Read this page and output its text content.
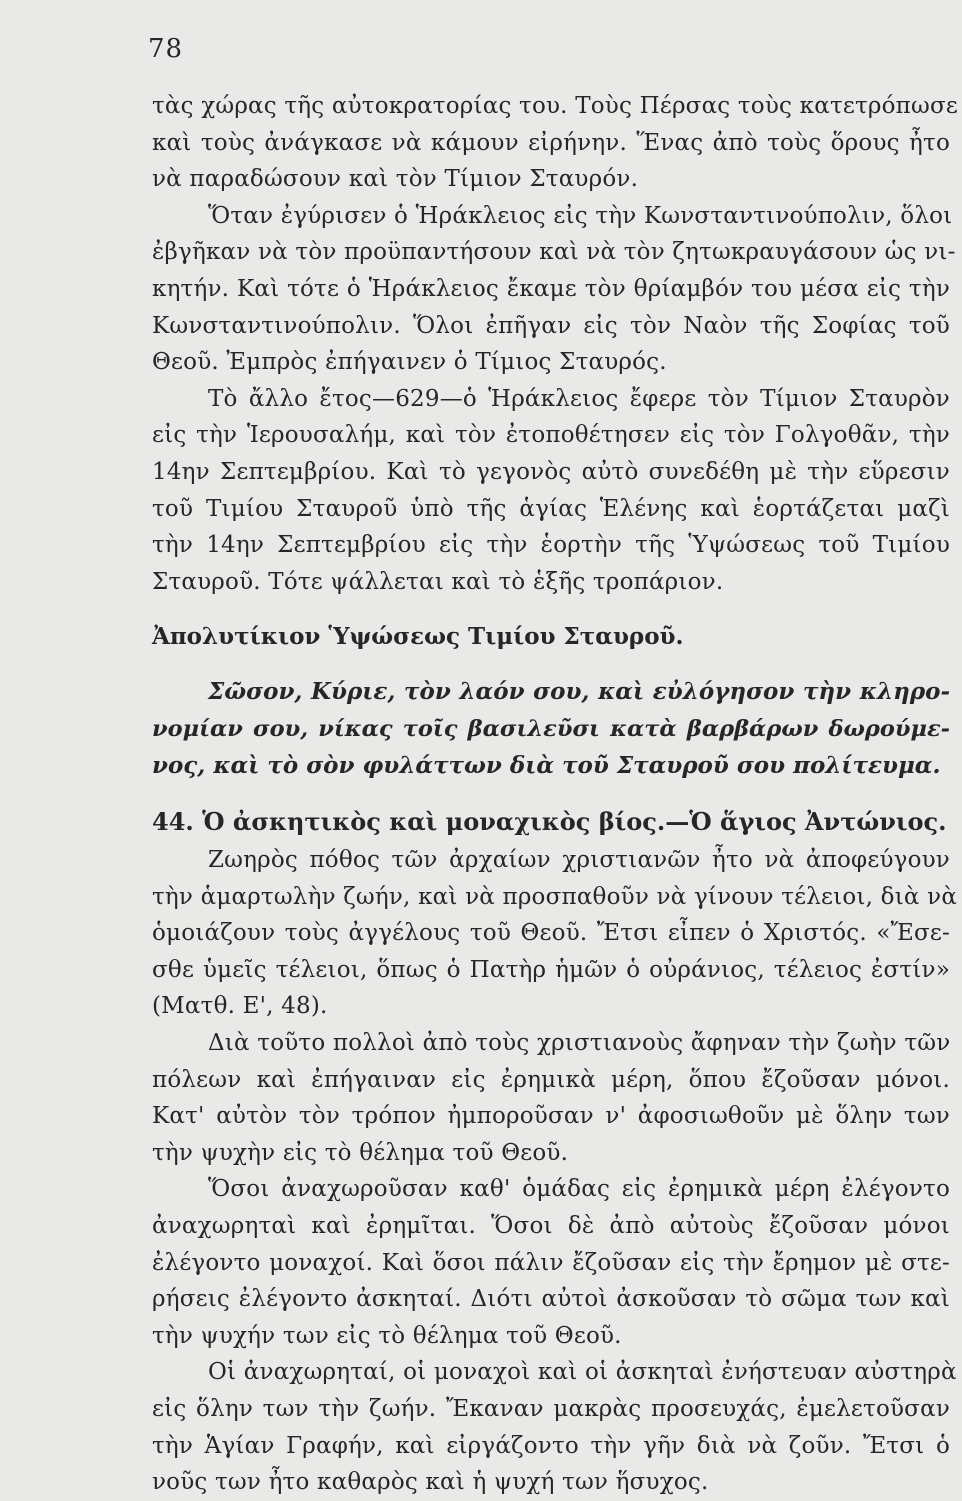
78
τὰς χώρας τῆς αὐτοκρατορίας του. Τοὺς Πέρσας τοὺς κατετρόπωσε
καὶ τοὺς ἀνάγκασε νὰ κάμουν εἰρήνην. Ἕνας ἀπὸ τοὺς ὅρους ἦτο
νὰ παραδώσουν καὶ τὸν Τίμιον Σταυρόν.
Ὅταν ἐγύρισεν ὁ Ἡράκλειος εἰς τὴν Κωνσταντινούπολιν, ὅλοι
ἐβγῆκαν νὰ τὸν προϋπαντήσουν καὶ νὰ τὸν ζητωκραυγάσουν ὡς νι-
κητήν. Καὶ τότε ὁ Ἡράκλειος ἔκαμε τὸν θρίαμβόν του μέσα εἰς τὴν
Κωνσταντινούπολιν. Ὅλοι ἐπῆγαν εἰς τὸν Ναὸν τῆς Σοφίας τοῦ
Θεοῦ. Ἐμπρὸς ἐπήγαινεν ὁ Τίμιος Σταυρός.
Τὸ ἄλλο ἔτος—629—ὁ Ἡράκλειος ἔφερε τὸν Τίμιον Σταυρὸν
εἰς τὴν Ἱερουσαλήμ, καὶ τὸν ἐτοποθέτησεν εἰς τὸν Γολγοθᾶν, τὴν
14ην Σεπτεμβρίου. Καὶ τὸ γεγονὸς αὐτὸ συνεδέθη μὲ τὴν εὕρεσιν
τοῦ Τιμίου Σταυροῦ ὑπὸ τῆς ἁγίας Ἑλένης καὶ ἑορτάζεται μαζὶ
τὴν 14ην Σεπτεμβρίου εἰς τὴν ἑορτὴν τῆς Ὑψώσεως τοῦ Τιμίου
Σταυροῦ. Τότε ψάλλεται καὶ τὸ ἑξῆς τροπάριον.
Ἀπολυτίκιον Ὑψώσεως Τιμίου Σταυροῦ.
Σῶσον, Κύριε, τὸν λαόν σου, καὶ εὐλόγησον τὴν κληρο-
νομίαν σου, νίκας τοῖς βασιλεῦσι κατὰ βαρβάρων δωρούμε-
νος, καὶ τὸ σὸν φυλάττων διὰ τοῦ Σταυροῦ σου πολίτευμα.
44. Ὁ ἀσκητικὸς καὶ μοναχικὸς βίος.—Ὁ ἅγιος Ἀντώνιος.
Ζωηρὸς πόθος τῶν ἀρχαίων χριστιανῶν ἦτο νὰ ἀποφεύγουν
τὴν ἁμαρτωλὴν ζωήν, καὶ νὰ προσπαθοῦν νὰ γίνουν τέλειοι, διὰ νὰ
ὁμοιάζουν τοὺς ἀγγέλους τοῦ Θεοῦ. Ἔτσι εἶπεν ὁ Χριστός. «Ἔσε-
σθε ὑμεῖς τέλειοι, ὅπως ὁ Πατὴρ ἡμῶν ὁ οὐράνιος, τέλειος ἐστίν»
(Ματθ. Ε', 48).
Διὰ τοῦτο πολλοὶ ἀπὸ τοὺς χριστιανοὺς ἄφηναν τὴν ζωὴν τῶν
πόλεων καὶ ἐπήγαιναν εἰς ἐρημικὰ μέρη, ὅπου ἔζοῦσαν μόνοι.
Κατ' αὐτὸν τὸν τρόπον ἠμποροῦσαν ν' ἀφοσιωθοῦν μὲ ὅλην των
τὴν ψυχὴν εἰς τὸ θέλημα τοῦ Θεοῦ.
Ὅσοι ἀναχωροῦσαν καθ' ὁμάδας εἰς ἐρημικὰ μέρη ἐλέγοντο
ἀναχωρηταὶ καὶ ἐρημῖται. Ὅσοι δὲ ἀπὸ αὐτοὺς ἔζοῦσαν μόνοι
ἐλέγοντο μοναχοί. Καὶ ὅσοι πάλιν ἔζοῦσαν εἰς τὴν ἔρημον μὲ στε-
ρήσεις ἐλέγοντο ἀσκηταί. Διότι αὐτοὶ ἀσκοῦσαν τὸ σῶμα των καὶ
τὴν ψυχήν των εἰς τὸ θέλημα τοῦ Θεοῦ.
Οἱ ἀναχωρηταί, οἱ μοναχοὶ καὶ οἱ ἀσκηταὶ ἐνήστευαν αὐστηρὰ
εἰς ὅλην των τὴν ζωήν. Ἔκαναν μακρὰς προσευχάς, ἐμελετοῦσαν
τὴν Ἁγίαν Γραφήν, καὶ εἰργάζοντο τὴν γῆν διὰ νὰ ζοῦν. Ἔτσι ὁ
νοῦς των ἦτο καθαρὸς καὶ ἡ ψυχή των ἥσυχος.
